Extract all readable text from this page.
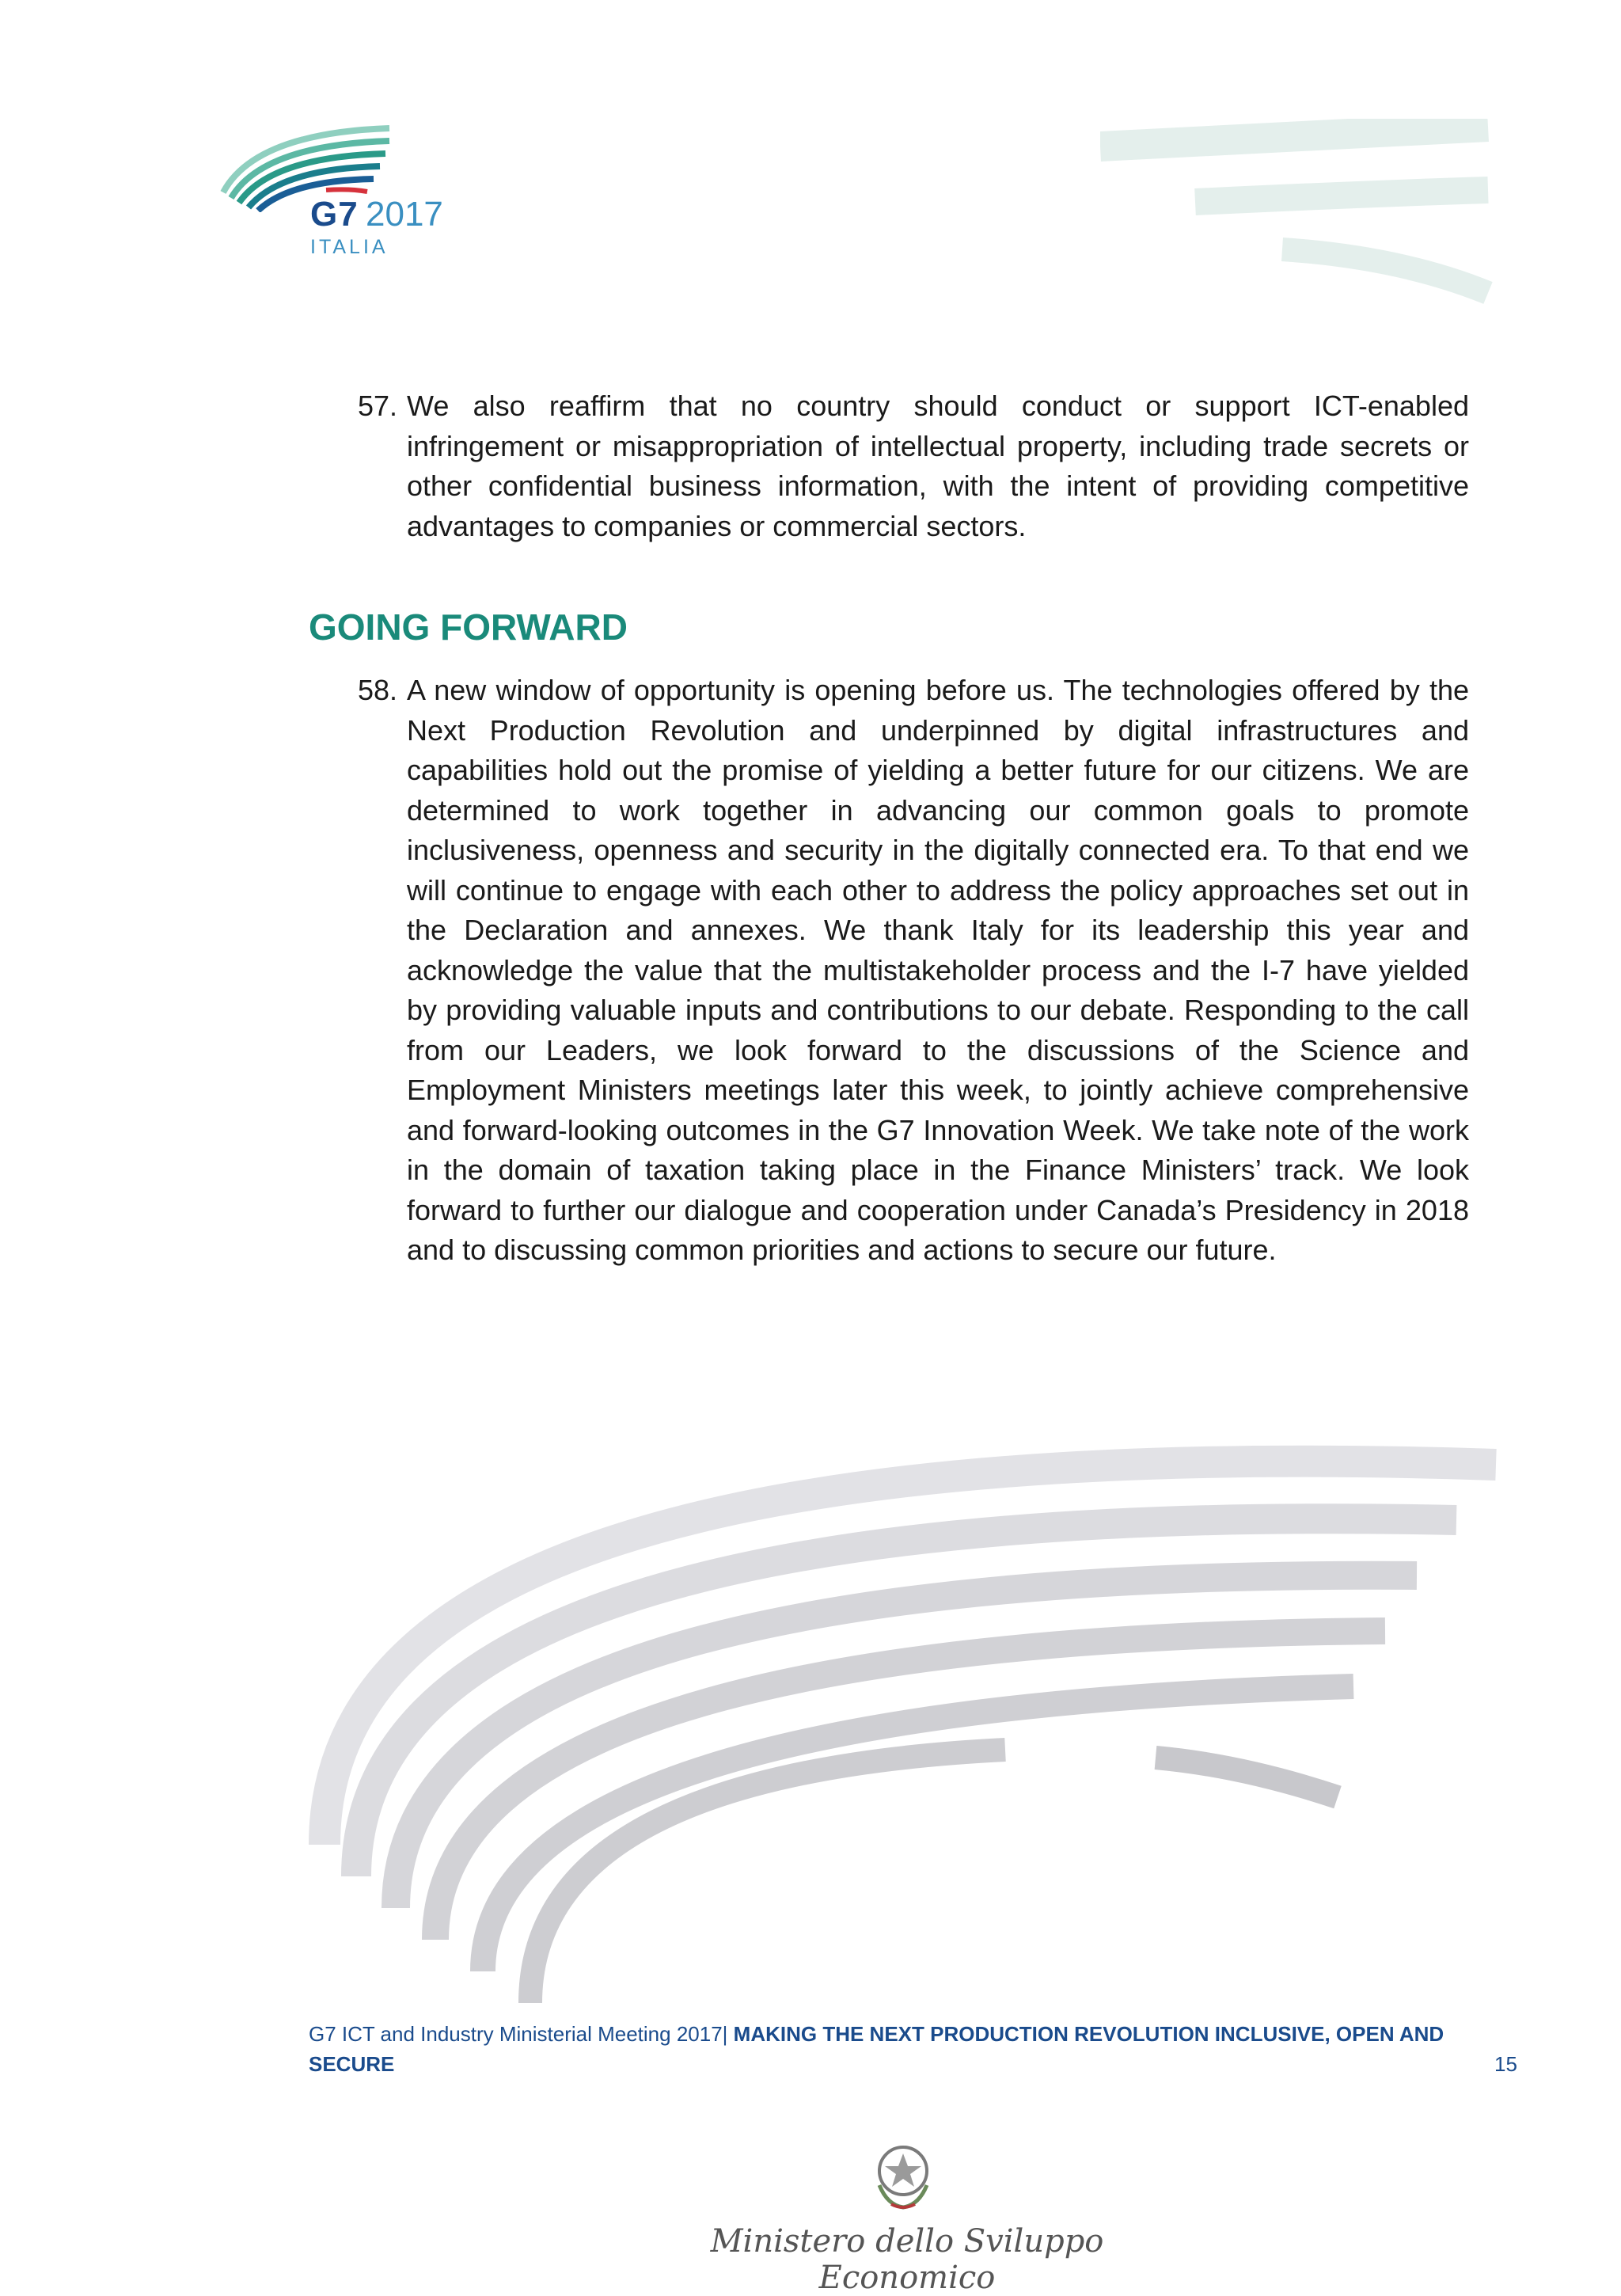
G7 2017
ITALIA
57. We also reaffirm that no country should conduct or support ICT-enabled infringement or misappropriation of intellectual property, including trade secrets or other confidential business information, with the intent of providing competitive advantages to companies or commercial sectors.
GOING FORWARD
58. A new window of opportunity is opening before us. The technologies offered by the Next Production Revolution and underpinned by digital infrastructures and capabilities hold out the promise of yielding a better future for our citizens. We are determined to work together in advancing our common goals to promote inclusiveness, openness and security in the digitally connected era. To that end we will continue to engage with each other to address the policy approaches set out in the Declaration and annexes. We thank Italy for its leadership this year and acknowledge the value that the multistakeholder process and the I-7 have yielded by providing valuable inputs and contributions to our debate. Responding to the call from our Leaders, we look forward to the discussions of the Science and Employment Ministers meetings later this week, to jointly achieve comprehensive and forward-looking outcomes in the G7 Innovation Week. We take note of the work in the domain of taxation taking place in the Finance Ministers’ track. We look forward to further our dialogue and cooperation under Canada’s Presidency in 2018 and to discussing common priorities and actions to secure our future.
G7 ICT and Industry Ministerial Meeting 2017| MAKING THE NEXT PRODUCTION REVOLUTION INCLUSIVE, OPEN AND SECURE	15
Ministero dello Sviluppo Economico
